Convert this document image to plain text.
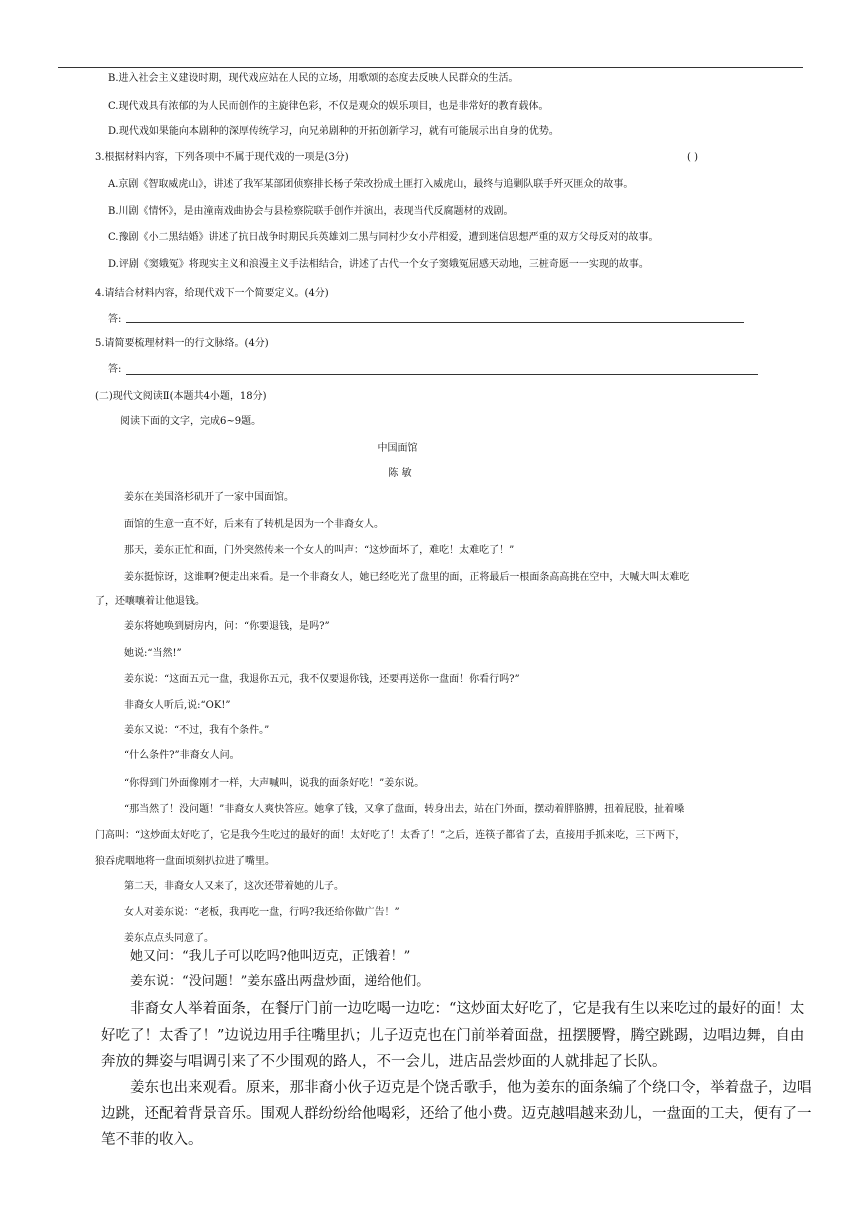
B.进入社会主义建设时期，现代戏应站在人民的立场，用歌颂的态度去反映人民群众的生活。
C.现代戏具有浓郁的为人民而创作的主旋律色彩，不仅是观众的娱乐项目，也是非常好的教育载体。
D.现代戏如果能向本剧种的深厚传统学习，向兄弟剧种的开拓创新学习，就有可能展示出自身的优势。
3.根据材料内容，下列各项中不属于现代戏的一项是(3分)	( )
A.京剧《智取威虎山》，讲述了我军某部团侦察排长杨子荣改扮成土匪打入威虎山，最终与追剿队联手歼灭匪众的故事。
B.川剧《情怀》，是由潼南戏曲协会与县检察院联手创作并演出，表现当代反腐题材的戏剧。
C.豫剧《小二黑结婚》讲述了抗日战争时期民兵英雄刘二黑与同村少女小芹相爱，遭到迷信思想严重的双方父母反对的故事。
D.评剧《窦娥冤》将现实主义和浪漫主义手法相结合，讲述了古代一个女子窦娥冤屈感天动地，三桩奇愿一一实现的故事。
4.请结合材料内容，给现代戏下一个简要定义。(4分)
答:
5.请简要梳理材料一的行文脉络。(4分)
答:
(二)现代文阅读Ⅱ(本题共4小题，18分)
阅读下面的文字，完成6~9题。
中国面馆
陈 敏
姜东在美国洛杉矶开了一家中国面馆。
面馆的生意一直不好，后来有了转机是因为一个非裔女人。
那天，姜东正忙和面，门外突然传来一个女人的叫声：“这炒面坏了，难吃！太难吃了！”
姜东挺惊讶，这谁啊?便走出来看。是一个非裔女人，她已经吃光了盘里的面，正将最后一根面条高高挑在空中，大喊大叫太难吃
了，还嚷嚷着让他退钱。
姜东将她唤到厨房内，问：“你要退钱，是吗?”
她说:“当然!”
姜东说：“这面五元一盘，我退你五元，我不仅要退你钱，还要再送你一盘面！你看行吗?”
非裔女人听后,说:“OK!”
姜东又说：“不过，我有个条件。”
“什么条件?”非裔女人问。
“你得到门外面像刚才一样，大声喊叫，说我的面条好吃！”姜东说。
“那当然了！没问题！”非裔女人爽快答应。她拿了钱，又拿了盘面，转身出去，站在门外面，摆动着胖胳膊，扭着屁股，扯着嗓
门高叫：“这炒面太好吃了，它是我今生吃过的最好的面！太好吃了！太香了！”之后，连筷子都省了去，直接用手抓来吃，三下两下，
狼吞虎咽地将一盘面顷刻扒拉进了嘴里。
第二天，非裔女人又来了，这次还带着她的儿子。
女人对姜东说：“老板，我再吃一盘，行吗?我还给你做广告！”
姜东点点头同意了。
她又问：“我儿子可以吃吗?他叫迈克，正饿着！”
姜东说：“没问题！”姜东盛出两盘炒面，递给他们。
非裔女人举着面条，在餐厅门前一边吃喝一边吃：“这炒面太好吃了，它是我有生以来吃过的最好的面！太
好吃了！太香了！”边说边用手往嘴里扒；儿子迈克也在门前举着面盘，扭摆腰臀，腾空跳踢，边唱边舞，自由
奔放的舞姿与唱调引来了不少围观的路人，不一会儿，进店品尝炒面的人就排起了长队。
姜东也出来观看。原来，那非裔小伙子迈克是个饶舌歌手，他为姜东的面条编了个绕口令，举着盘子，边唱
边跳，还配着背景音乐。围观人群纷纷给他喝彩，还给了他小费。迈克越唱越来劲儿，一盘面的工夫，便有了一
笔不菲的收入。
